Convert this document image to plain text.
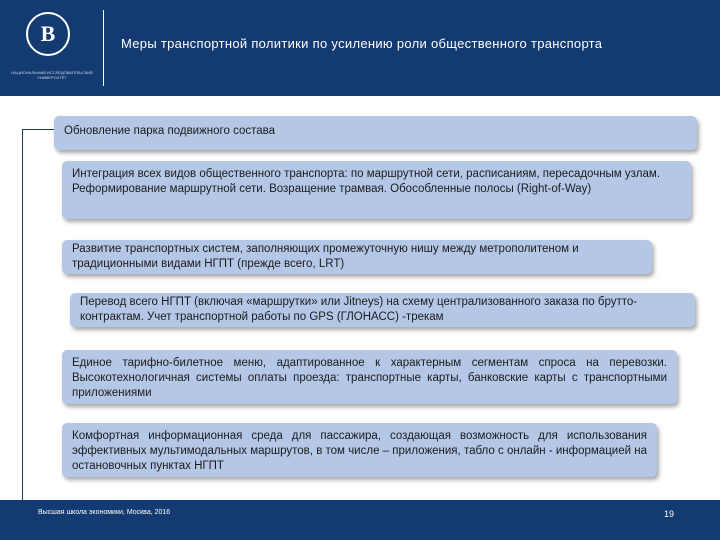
В
НАЦИОНАЛЬНЫЙ ИССЛЕДОВАТЕЛЬСКИЙ УНИВЕРСИТЕТ
Меры транспортной политики по усилению роли общественного транспорта
Обновление парка подвижного состава
Интеграция всех видов общественного транспорта: по маршрутной сети, расписаниям, пересадочным узлам. Реформирование маршрутной сети. Возращение трамвая. Обособленные полосы (Right-of-Way)
Развитие транспортных систем, заполняющих промежуточную нишу между метрополитеном и традиционными видами НГПТ (прежде всего, LRT)
Перевод всего НГПТ (включая «маршрутки» или Jitneys) на схему централизованного заказа по брутто-контрактам. Учет транспортной работы по GPS (ГЛОНАСС) -трекам
Единое тарифно-билетное меню, адаптированное к характерным сегментам спроса на перевозки. Высокотехнологичная системы оплаты проезда: транспортные карты, банковские карты с транспортными приложениями
Комфортная информационная среда для пассажира, создающая возможность для использования эффективных мультимодальных маршрутов, в том числе – приложения, табло с онлайн - информацией на остановочных пунктах НГПТ
Высшая школа экономики, Москва, 2016	19
